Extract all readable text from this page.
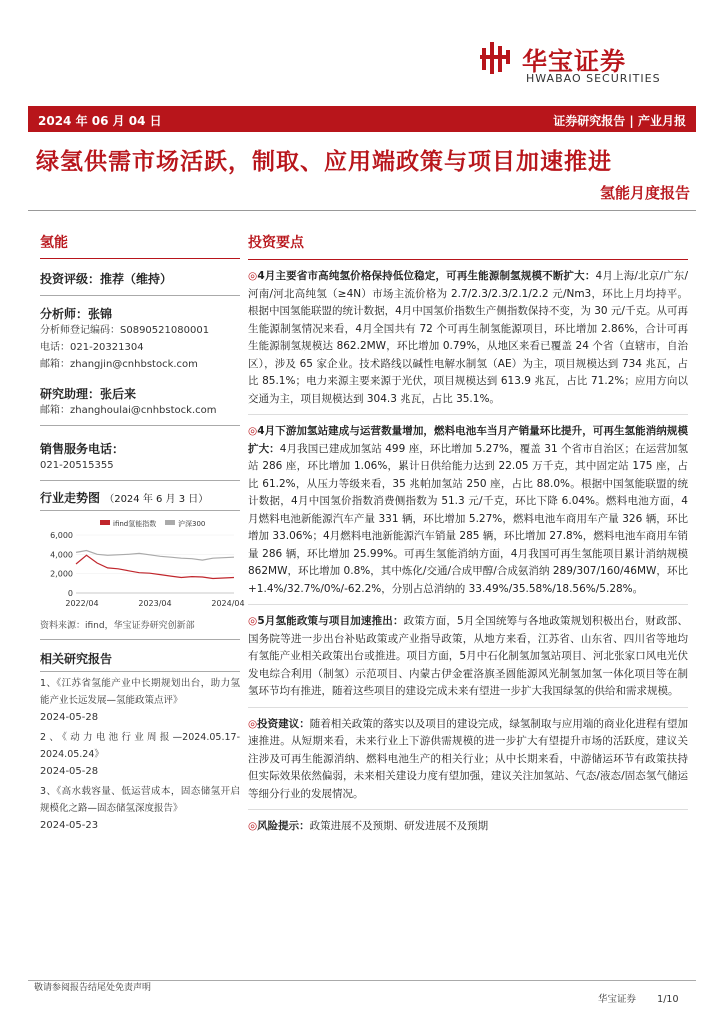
华宝证券
HWABAO SECURITIES
2024 年 06 月 04 日	证券研究报告 | 产业月报
绿氢供需市场活跃，制取、应用端政策与项目加速推进
氢能月度报告
氢能
投资评级：推荐（维持）
分析师：张锦
分析师登记编码：S0890521080001
电话：021-20321304
邮箱：zhangjin@cnhbstock.com
研究助理：张后来
邮箱：zhanghoulai@cnhbstock.com
销售服务电话：
021-20515355
行业走势图 （2024 年 6 月 3 日）
ifind氢能指数	沪深300
6,000
4,000
2,000
0
2022/04	2023/04	2024/04
资料来源：ifind，华宝证券研究创新部
相关研究报告
1、《江苏省氢能产业中长期规划出台，助力氢能产业长远发展—氢能政策点评》
2024-05-28
2、《动力电池行业周报—2024.05.17-2024.05.24》
2024-05-28
3、《高水载容量、低运营成本，固态储氢开启规模化之路—固态储氢深度报告》
2024-05-23
投资要点
◎4月主要省市高纯氢价格保持低位稳定，可再生能源制氢规模不断扩大：4月上海/北京/广东/河南/河北高纯氢（≥4N）市场主流价格为 2.7/2.3/2.3/2.1/2.2 元/Nm3，环比上月均持平。根据中国氢能联盟的统计数据，4月中国氢价指数生产侧指数保持不变，为 30 元/千克。从可再生能源制氢情况来看，4月全国共有 72 个可再生制氢能源项目，环比增加 2.86%，合计可再生能源制氢规模达 862.2MW，环比增加 0.79%，从地区来看已覆盖 24 个省（直辖市，自治区），涉及 65 家企业。技术路线以碱性电解水制氢（AE）为主，项目规模达到 734 兆瓦，占比 85.1%；电力来源主要来源于光伏，项目规模达到 613.9 兆瓦，占比 71.2%；应用方向以交通为主，项目规模达到 304.3 兆瓦，占比 35.1%。
◎4月下游加氢站建成与运营数量增加，燃料电池车当月产销量环比提升，可再生氢能消纳规模扩大：4月我国已建成加氢站 499 座，环比增加 5.27%，覆盖 31 个省市自治区；在运营加氢站 286 座，环比增加 1.06%，累计日供给能力达到 22.05 万千克，其中固定站 175 座，占比 61.2%，从压力等级来看，35 兆帕加氢站 250 座，占比 88.0%。根据中国氢能联盟的统计数据，4月中国氢价指数消费侧指数为 51.3 元/千克，环比下降 6.04%。燃料电池方面，4月燃料电池新能源汽车产量 331 辆，环比增加 5.27%，燃料电池车商用车产量 326 辆，环比增加 33.06%；4月燃料电池新能源汽车销量 285 辆，环比增加 27.8%，燃料电池车商用车销量 286 辆，环比增加 25.99%。可再生氢能消纳方面，4月我国可再生氢能项目累计消纳规模 862MW，环比增加 0.8%，其中炼化/交通/合成甲醇/合成氨消纳 289/307/160/46MW，环比 +1.4%/32.7%/0%/-62.2%，分别占总消纳的 33.49%/35.58%/18.56%/5.28%。
◎5月氢能政策与项目加速推出：政策方面，5月全国统筹与各地政策规划积极出台，财政部、国务院等进一步出台补贴政策或产业指导政策，从地方来看，江苏省、山东省、四川省等地均有氢能产业相关政策出台或推进。项目方面，5月中石化制氢加氢站项目、河北张家口风电光伏发电综合利用（制氢）示范项目、内蒙古伊金霍洛旗圣圆能源风光制氢加氢一体化项目等在制氢环节均有推进，随着这些项目的建设完成未来有望进一步扩大我国绿氢的供给和需求规模。
◎投资建议：随着相关政策的落实以及项目的建设完成，绿氢制取与应用端的商业化进程有望加速推进。从短期来看，未来行业上下游供需规模的进一步扩大有望提升市场的活跃度，建议关注涉及可再生能源消纳、燃料电池生产的相关行业；从中长期来看，中游储运环节有政策扶持但实际效果依然偏弱，未来相关建设力度有望加强，建议关注加氢站、气态/液态/固态氢气储运等细分行业的发展情况。
◎风险提示：政策进展不及预期、研发进展不及预期
敬请参阅报告结尾处免责声明
华宝证券 1/10
